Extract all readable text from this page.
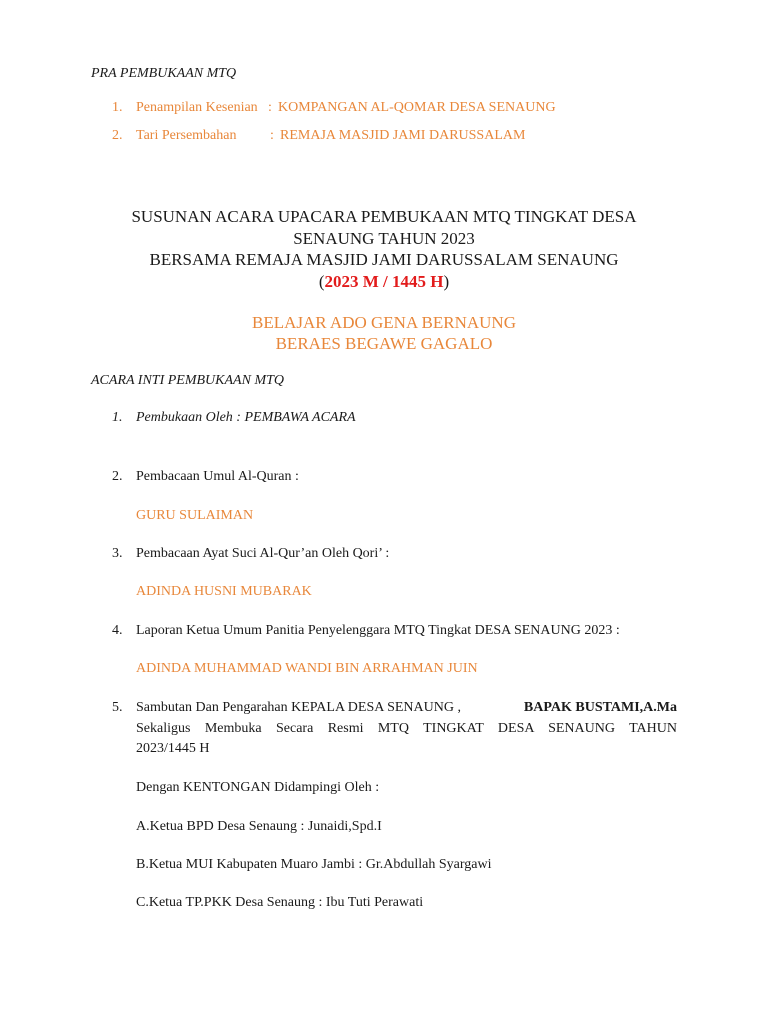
PRA PEMBUKAAN MTQ
1. Penampilan Kesenian : KOMPANGAN AL-QOMAR DESA SENAUNG
2. Tari Persembahan : REMAJA MASJID JAMI DARUSSALAM
SUSUNAN ACARA UPACARA PEMBUKAAN MTQ TINGKAT DESA
SENAUNG TAHUN 2023
BERSAMA REMAJA MASJID JAMI DARUSSALAM SENAUNG
(2023 M / 1445 H)
BELAJAR ADO GENA BERNAUNG
BERAES BEGAWE GAGALO
ACARA INTI PEMBUKAAN MTQ
1. Pembukaan Oleh : PEMBAWA ACARA
2. Pembacaan Umul Al-Quran :
GURU SULAIMAN
3. Pembacaan Ayat Suci Al-Qur’an Oleh Qori’ :
ADINDA HUSNI MUBARAK
4. Laporan Ketua Umum Panitia Penyelenggara MTQ Tingkat DESA SENAUNG 2023 :
ADINDA MUHAMMAD WANDI BIN ARRAHMAN JUIN
5. Sambutan Dan Pengarahan KEPALA DESA SENAUNG ,	BAPAK BUSTAMI,A.Ma
Sekaligus Membuka Secara Resmi MTQ TINGKAT DESA SENAUNG TAHUN
2023/1445 H
Dengan KENTONGAN Didampingi Oleh :
A.Ketua BPD Desa Senaung : Junaidi,Spd.I
B.Ketua MUI Kabupaten Muaro Jambi : Gr.Abdullah Syargawi
C.Ketua TP.PKK Desa Senaung : Ibu Tuti Perawati
